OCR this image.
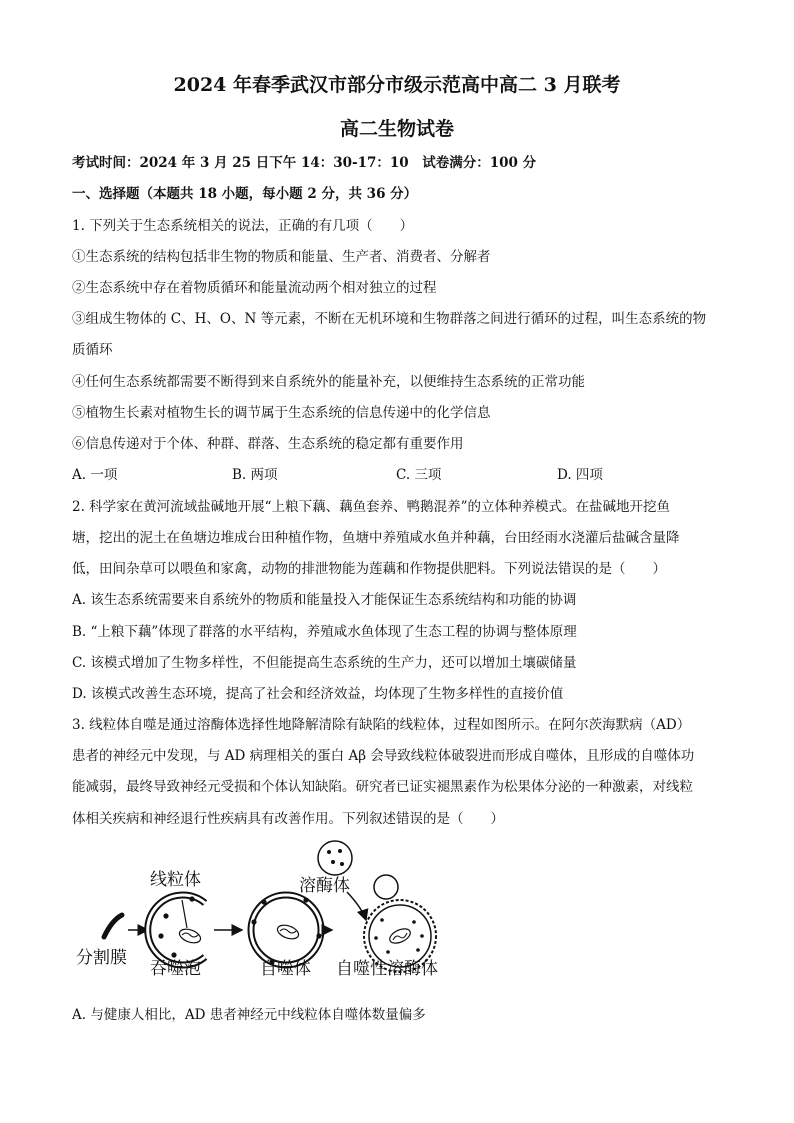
2024 年春季武汉市部分市级示范高中高二 3 月联考
高二生物试卷
考试时间：2024 年 3 月 25 日下午 14：30-17：10　试卷满分：100 分
一、选择题（本题共 18 小题，每小题 2 分，共 36 分）
1. 下列关于生态系统相关的说法，正确的有几项（　　）
①生态系统的结构包括非生物的物质和能量、生产者、消费者、分解者
②生态系统中存在着物质循环和能量流动两个相对独立的过程
③组成生物体的 C、H、O、N 等元素，不断在无机环境和生物群落之间进行循环的过程，叫生态系统的物
质循环
④任何生态系统都需要不断得到来自系统外的能量补充，以便维持生态系统的正常功能
⑤植物生长素对植物生长的调节属于生态系统的信息传递中的化学信息
⑥信息传递对于个体、种群、群落、生态系统的稳定都有重要作用
A. 一项	B. 两项	C. 三项	D. 四项
2. 科学家在黄河流域盐碱地开展“上粮下藕、藕鱼套养、鸭鹅混养”的立体种养模式。在盐碱地开挖鱼
塘，挖出的泥土在鱼塘边堆成台田种植作物，鱼塘中养殖咸水鱼并种藕，台田经雨水浇灌后盐碱含量降
低，田间杂草可以喂鱼和家禽，动物的排泄物能为莲藕和作物提供肥料。下列说法错误的是（　　）
A. 该生态系统需要来自系统外的物质和能量投入才能保证生态系统结构和功能的协调
B. “上粮下藕”体现了群落的水平结构，养殖咸水鱼体现了生态工程的协调与整体原理
C. 该模式增加了生物多样性，不但能提高生态系统的生产力，还可以增加土壤碳储量
D. 该模式改善生态环境，提高了社会和经济效益，均体现了生物多样性的直接价值
3. 线粒体自噬是通过溶酶体选择性地降解清除有缺陷的线粒体，过程如图所示。在阿尔茨海默病（AD）
患者的神经元中发现，与 AD 病理相关的蛋白 Aβ 会导致线粒体破裂进而形成自噬体，且形成的自噬体功
能减弱，最终导致神经元受损和个体认知缺陷。研究者已证实褪黑素作为松果体分泌的一种激素，对线粒
体相关疾病和神经退行性疾病具有改善作用。下列叙述错误的是（　　）
分割膜
线粒体
吞噬泡	自噬体
溶酶体
自噬性溶酶体
A. 与健康人相比，AD 患者神经元中线粒体自噬体数量偏多
